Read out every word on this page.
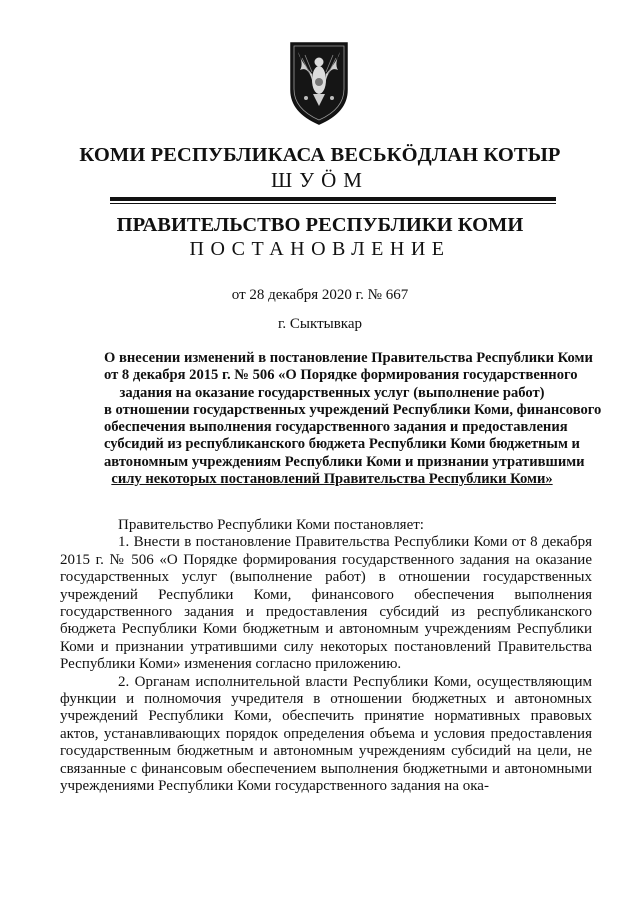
КОМИ РЕСПУБЛИКАСА ВЕСЬКÖДЛАН КОТЫР
ШУÖМ
ПРАВИТЕЛЬСТВО РЕСПУБЛИКИ КОМИ
ПОСТАНОВЛЕНИЕ
от 28 декабря 2020 г. № 667
г. Сыктывкар
О внесении изменений в постановление Правительства Республики Коми
от 8 декабря 2015 г. № 506 «О Порядке формирования государственного
задания на оказание государственных услуг (выполнение работ)
в отношении государственных учреждений Республики Коми, финансового
обеспечения выполнения государственного задания и предоставления
субсидий из республиканского бюджета Республики Коми бюджетным и
автономным учреждениям Республики Коми и признании утратившими
силу некоторых постановлений Правительства Республики Коми»

Правительство Республики Коми постановляет:

1. Внести в постановление Правительства Республики Коми от 8 декабря 2015 г. № 506 «О Порядке формирования государственного задания на оказание государственных услуг (выполнение работ) в отношении государственных учреждений Республики Коми, финансового обеспечения выполнения государственного задания и предоставления субсидий из республиканского бюджета Республики Коми бюджетным и автономным учреждениям Республики Коми и признании утратившими силу некоторых постановлений Правительства Республики Коми» изменения согласно приложению.

2. Органам исполнительной власти Республики Коми, осуществляющим функции и полномочия учредителя в отношении бюджетных и автономных учреждений Республики Коми, обеспечить принятие нормативных правовых актов, устанавливающих порядок определения объема и условия предоставления государственным бюджетным и автономным учреждениям субсидий на цели, не связанные с финансовым обеспечением выполнения бюджетными и автономными учреждениями Республики Коми государственного задания на ока-
